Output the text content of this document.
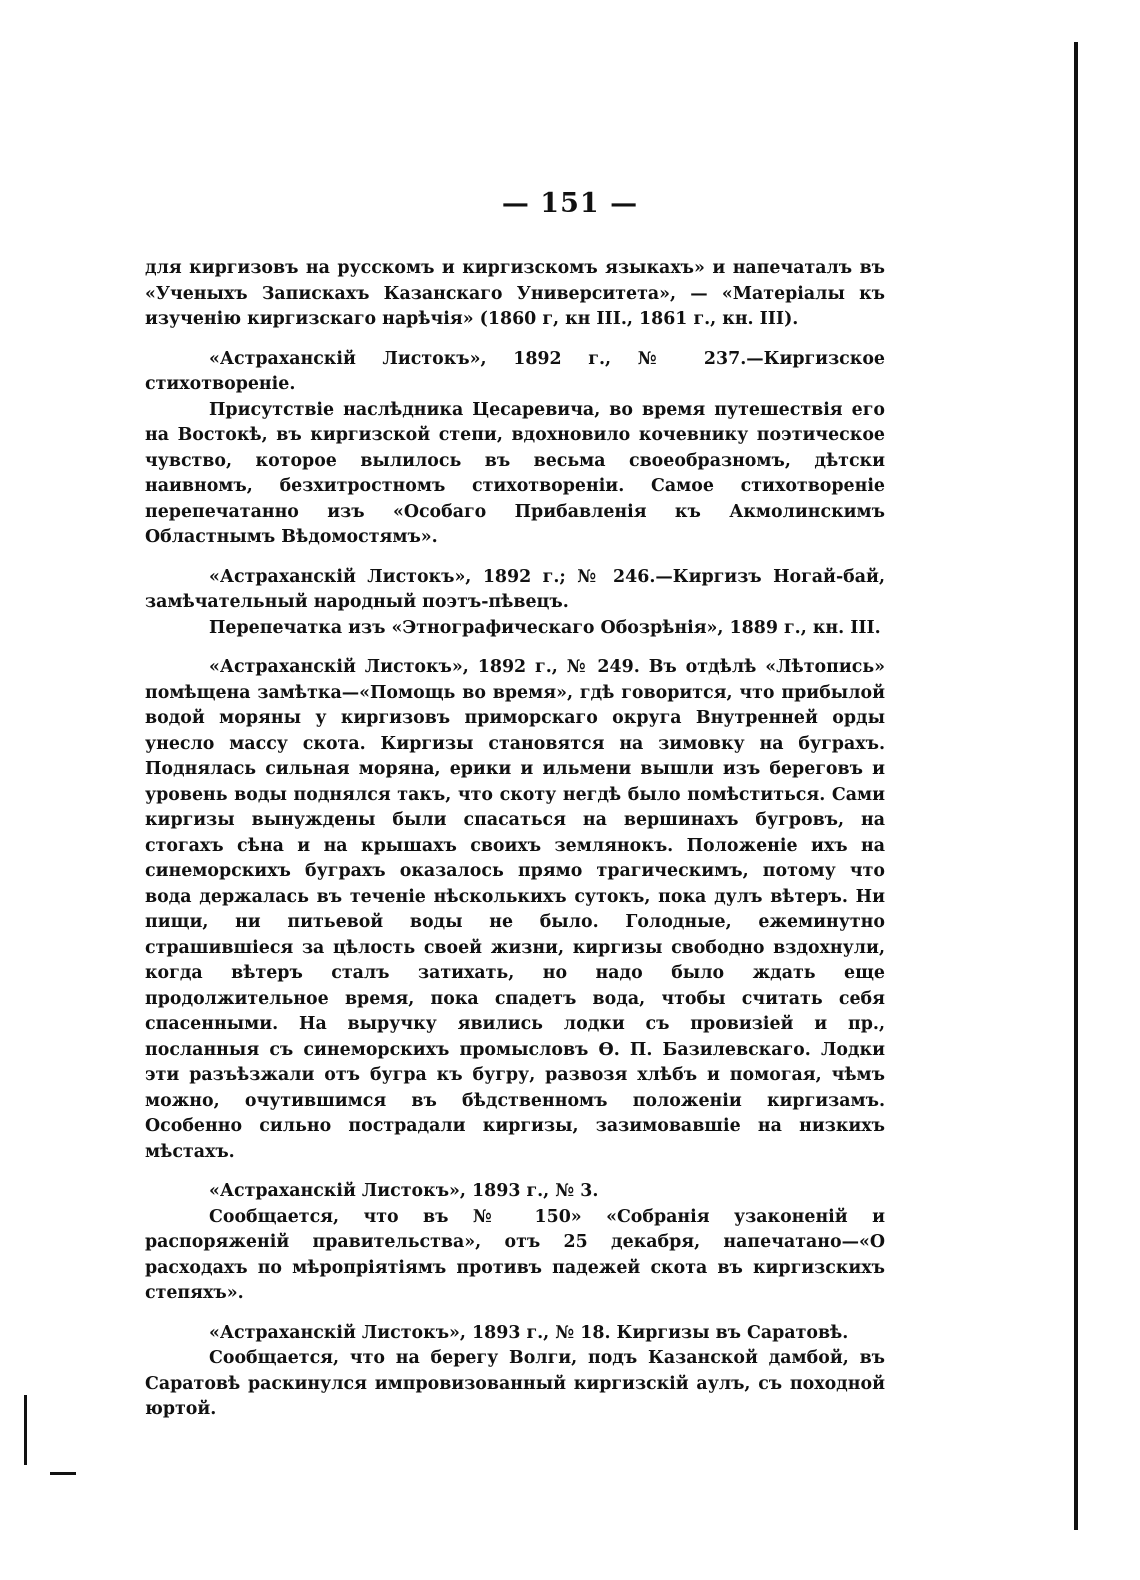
— 151 —

для киргизовъ на русскомъ и киргизскомъ языкахъ» и напечаталъ въ «Ученыхъ Запискахъ Казанскаго Университета», — «Матеріалы къ изученію киргизскаго нарѣчія» (1860 г, кн III., 1861 г., кн. III).

«Астраханскій Листокъ», 1892 г., № 237.—Киргизское стихотвореніе.

Присутствіе наслѣдника Цесаревича, во время путешествія его на Востокѣ, въ киргизской степи, вдохновило кочевнику поэтическое чувство, которое вылилось въ весьма своеобразномъ, дѣтски наивномъ, безхитростномъ стихотвореніи. Самое стихотвореніе перепечатанно изъ «Особаго Прибавленія къ Акмолинскимъ Областнымъ Вѣдомостямъ».

«Астраханскій Листокъ», 1892 г.; № 246.—Киргизъ Ногай-бай, замѣчательный народный поэтъ-пѣвецъ.

Перепечатка изъ «Этнографическаго Обозрѣнія», 1889 г., кн. III.

«Астраханскій Листокъ», 1892 г., № 249. Въ отдѣлѣ «Лѣтопись» помѣщена замѣтка—«Помощь во время», гдѣ говорится, что прибылой водой моряны у киргизовъ приморскаго округа Внутренней орды унесло массу скота. Киргизы становятся на зимовку на буграхъ. Поднялась сильная моряна, ерики и ильмени вышли изъ береговъ и уровень воды поднялся такъ, что скоту негдѣ было помѣститься. Сами киргизы вынуждены были спасаться на вершинахъ бугровъ, на стогахъ сѣна и на крышахъ своихъ землянокъ. Положеніе ихъ на синеморскихъ буграхъ оказалось прямо трагическимъ, потому что вода держалась въ теченіе нѣсколькихъ сутокъ, пока дулъ вѣтеръ. Ни пищи, ни питьевой воды не было. Голодные, ежеминутно страшившіеся за цѣлость своей жизни, киргизы свободно вздохнули, когда вѣтеръ сталъ затихать, но надо было ждать еще продолжительное время, пока спадетъ вода, чтобы считать себя спасенными. На выручку явились лодки съ провизіей и пр., посланныя съ синеморскихъ промысловъ Ѳ. П. Базилевскаго. Лодки эти разъѣзжали отъ бугра къ бугру, развозя хлѣбъ и помогая, чѣмъ можно, очутившимся въ бѣдственномъ положеніи киргизамъ. Особенно сильно пострадали киргизы, зазимовавшіе на низкихъ мѣстахъ.

«Астраханскій Листокъ», 1893 г., № 3.

Сообщается, что въ № 150» «Собранія узаконеній и распоряженій правительства», отъ 25 декабря, напечатано—«О расходахъ по мѣропріятіямъ противъ падежей скота въ киргизскихъ степяхъ».

«Астраханскій Листокъ», 1893 г., № 18. Киргизы въ Саратовѣ.

Сообщается, что на берегу Волги, подъ Казанской дамбой, въ Саратовѣ раскинулся импровизованный киргизскій аулъ, съ походной юртой.
